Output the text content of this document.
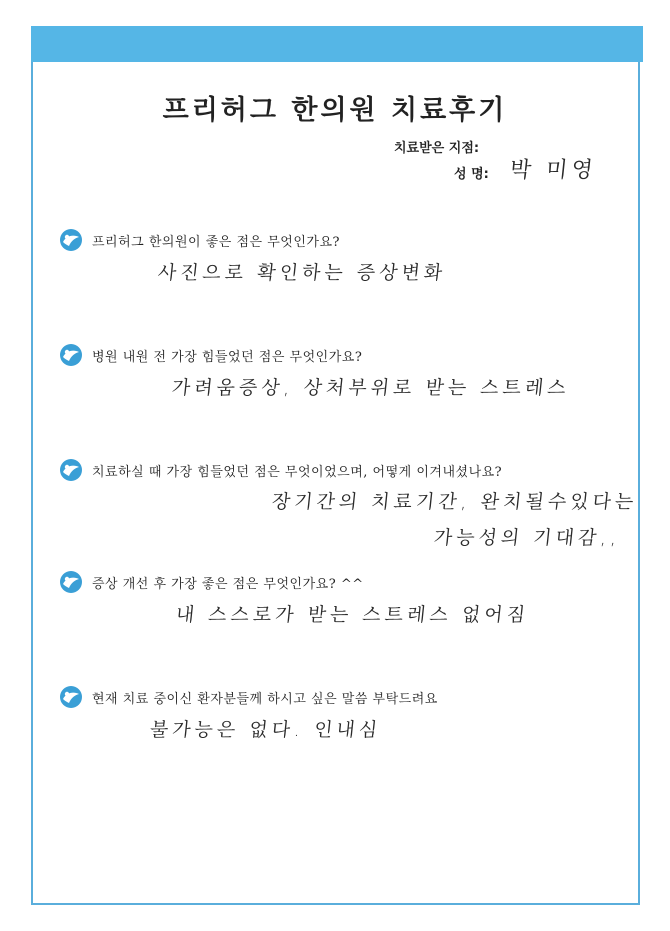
프리허그 한의원 치료후기
치료받은 지점:
성 명: 박 미영
프리허그 한의원이 좋은 점은 무엇인가요?
사진으로 확인하는 증상변화
병원 내원 전 가장 힘들었던 점은 무엇인가요?
가려움증상, 상처부위로 받는 스트레스
치료하실 때 가장 힘들었던 점은 무엇이었으며, 어떻게 이겨내셨나요?
장기간의 치료기간, 완치될수있다는
가능성의 기대감,,
증상 개선 후 가장 좋은 점은 무엇인가요? ^^
내 스스로가 받는 스트레스 없어짐
현재 치료 중이신 환자분들께 하시고 싶은 말씀 부탁드려요
불가능은 없다. 인내심
